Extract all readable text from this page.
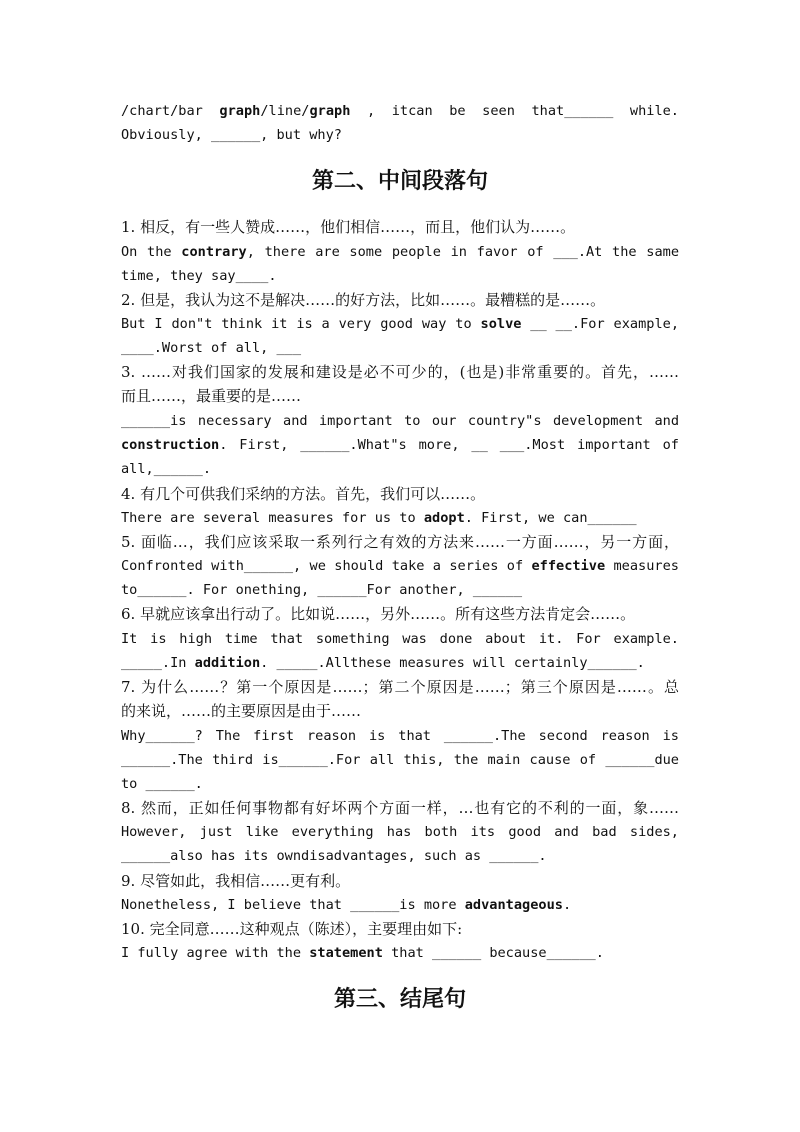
/chart/bar graph/line/graph , itcan be seen that______ while.
Obviously, ______, but why?
第二、中间段落句
1. 相反，有一些人赞成……，他们相信……，而且，他们认为……。
On the contrary, there are some people in favor of ___.At the same
time, they say____.
2. 但是，我认为这不是解决……的好方法，比如……。最糟糕的是……。
But I don"t think it is a very good way to solve __ __.For example,
____.Worst of all, ___
3. ……对我们国家的发展和建设是必不可少的，(也是)非常重要的。首先，……
而且……，最重要的是……
______is necessary and important to our country"s development and
construction. First, ______.What"s more, __ ___.Most important of
all,______.
4. 有几个可供我们采纳的方法。首先，我们可以……。
There are several measures for us to adopt. First, we can______
5. 面临…，我们应该采取一系列行之有效的方法来……一方面……，另一方面，
Confronted with______, we should take a series of effective measures
to______. For onething, ______For another, ______
6. 早就应该拿出行动了。比如说……，另外……。所有这些方法肯定会……。
It is high time that something was done about it. For example.
_____.In addition. _____.Allthese measures will certainly______.
7. 为什么……？第一个原因是……；第二个原因是……；第三个原因是……。总
的来说，……的主要原因是由于……
Why______? The first reason is that ______.The second reason is
______.The third is______.For all this, the main cause of ______due
to ______.
8. 然而，正如任何事物都有好坏两个方面一样，…也有它的不利的一面，象……
However, just like everything has both its good and bad sides,
______also has its owndisadvantages, such as ______.
9. 尽管如此，我相信……更有利。
Nonetheless, I believe that ______is more advantageous.
10. 完全同意……这种观点（陈述），主要理由如下:
I fully agree with the statement that ______ because______.
第三、结尾句
